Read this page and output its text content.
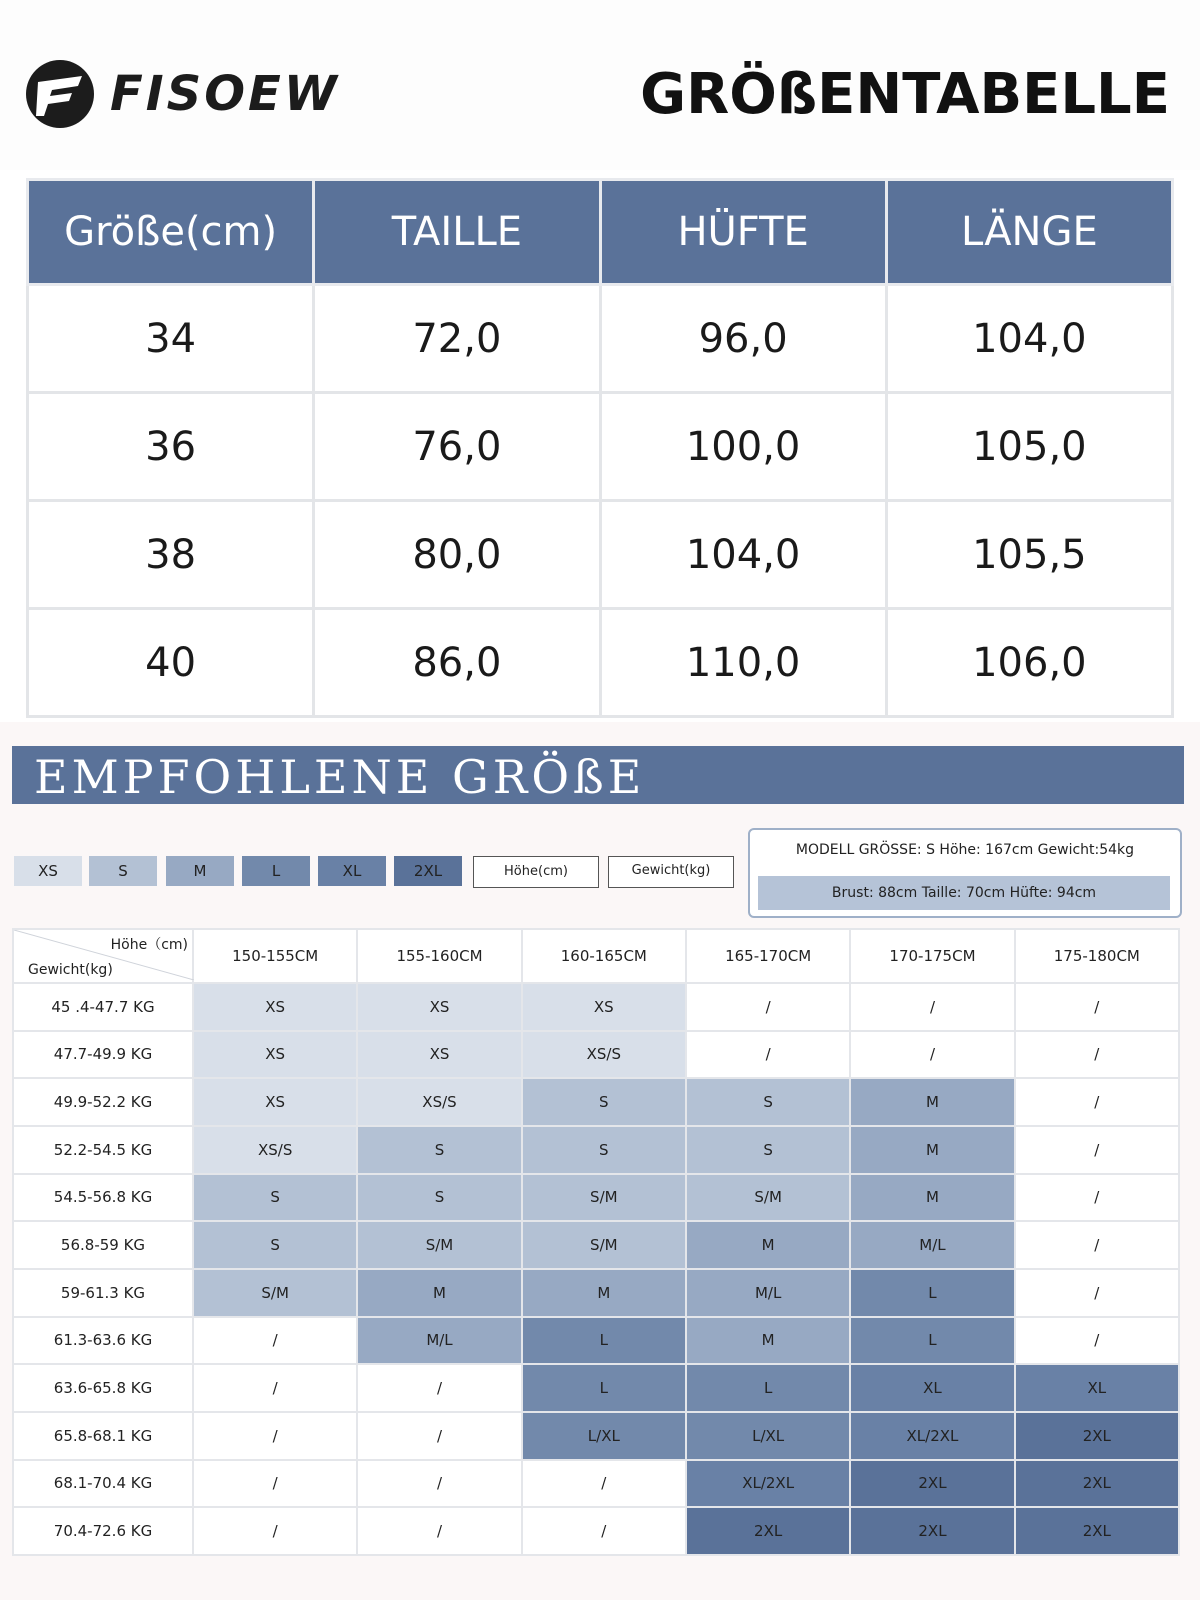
FISOEW	GRÖßENTABELLE
Größe(cm)	TAILLE	HÜFTE	LÄNGE
34	72,0	96,0	104,0
36	76,0	100,0	105,0
38	80,0	104,0	105,5
40	86,0	110,0	106,0
EMPFOHLENE GRÖßE
XS	S	M	L	XL	2XL	Höhe(cm)	Gewicht(kg)
MODELL GRÖSSE: S Höhe: 167cm Gewicht:54kg
Brust: 88cm Taille: 70cm Hüfte: 94cm
Höhe（cm)
Gewicht(kg)	150-155CM	155-160CM	160-165CM	165-170CM	170-175CM	175-180CM
45 .4-47.7 KG	XS	XS	XS	/	/	/
47.7-49.9 KG	XS	XS	XS/S	/	/	/
49.9-52.2 KG	XS	XS/S	S	S	M	/
52.2-54.5 KG	XS/S	S	S	S	M	/
54.5-56.8 KG	S	S	S/M	S/M	M	/
56.8-59 KG	S	S/M	S/M	M	M/L	/
59-61.3 KG	S/M	M	M	M/L	L	/
61.3-63.6 KG	/	M/L	L	M	L	/
63.6-65.8 KG	/	/	L	L	XL	XL
65.8-68.1 KG	/	/	L/XL	L/XL	XL/2XL	2XL
68.1-70.4 KG	/	/	/	XL/2XL	2XL	2XL
70.4-72.6 KG	/	/	/	2XL	2XL	2XL
